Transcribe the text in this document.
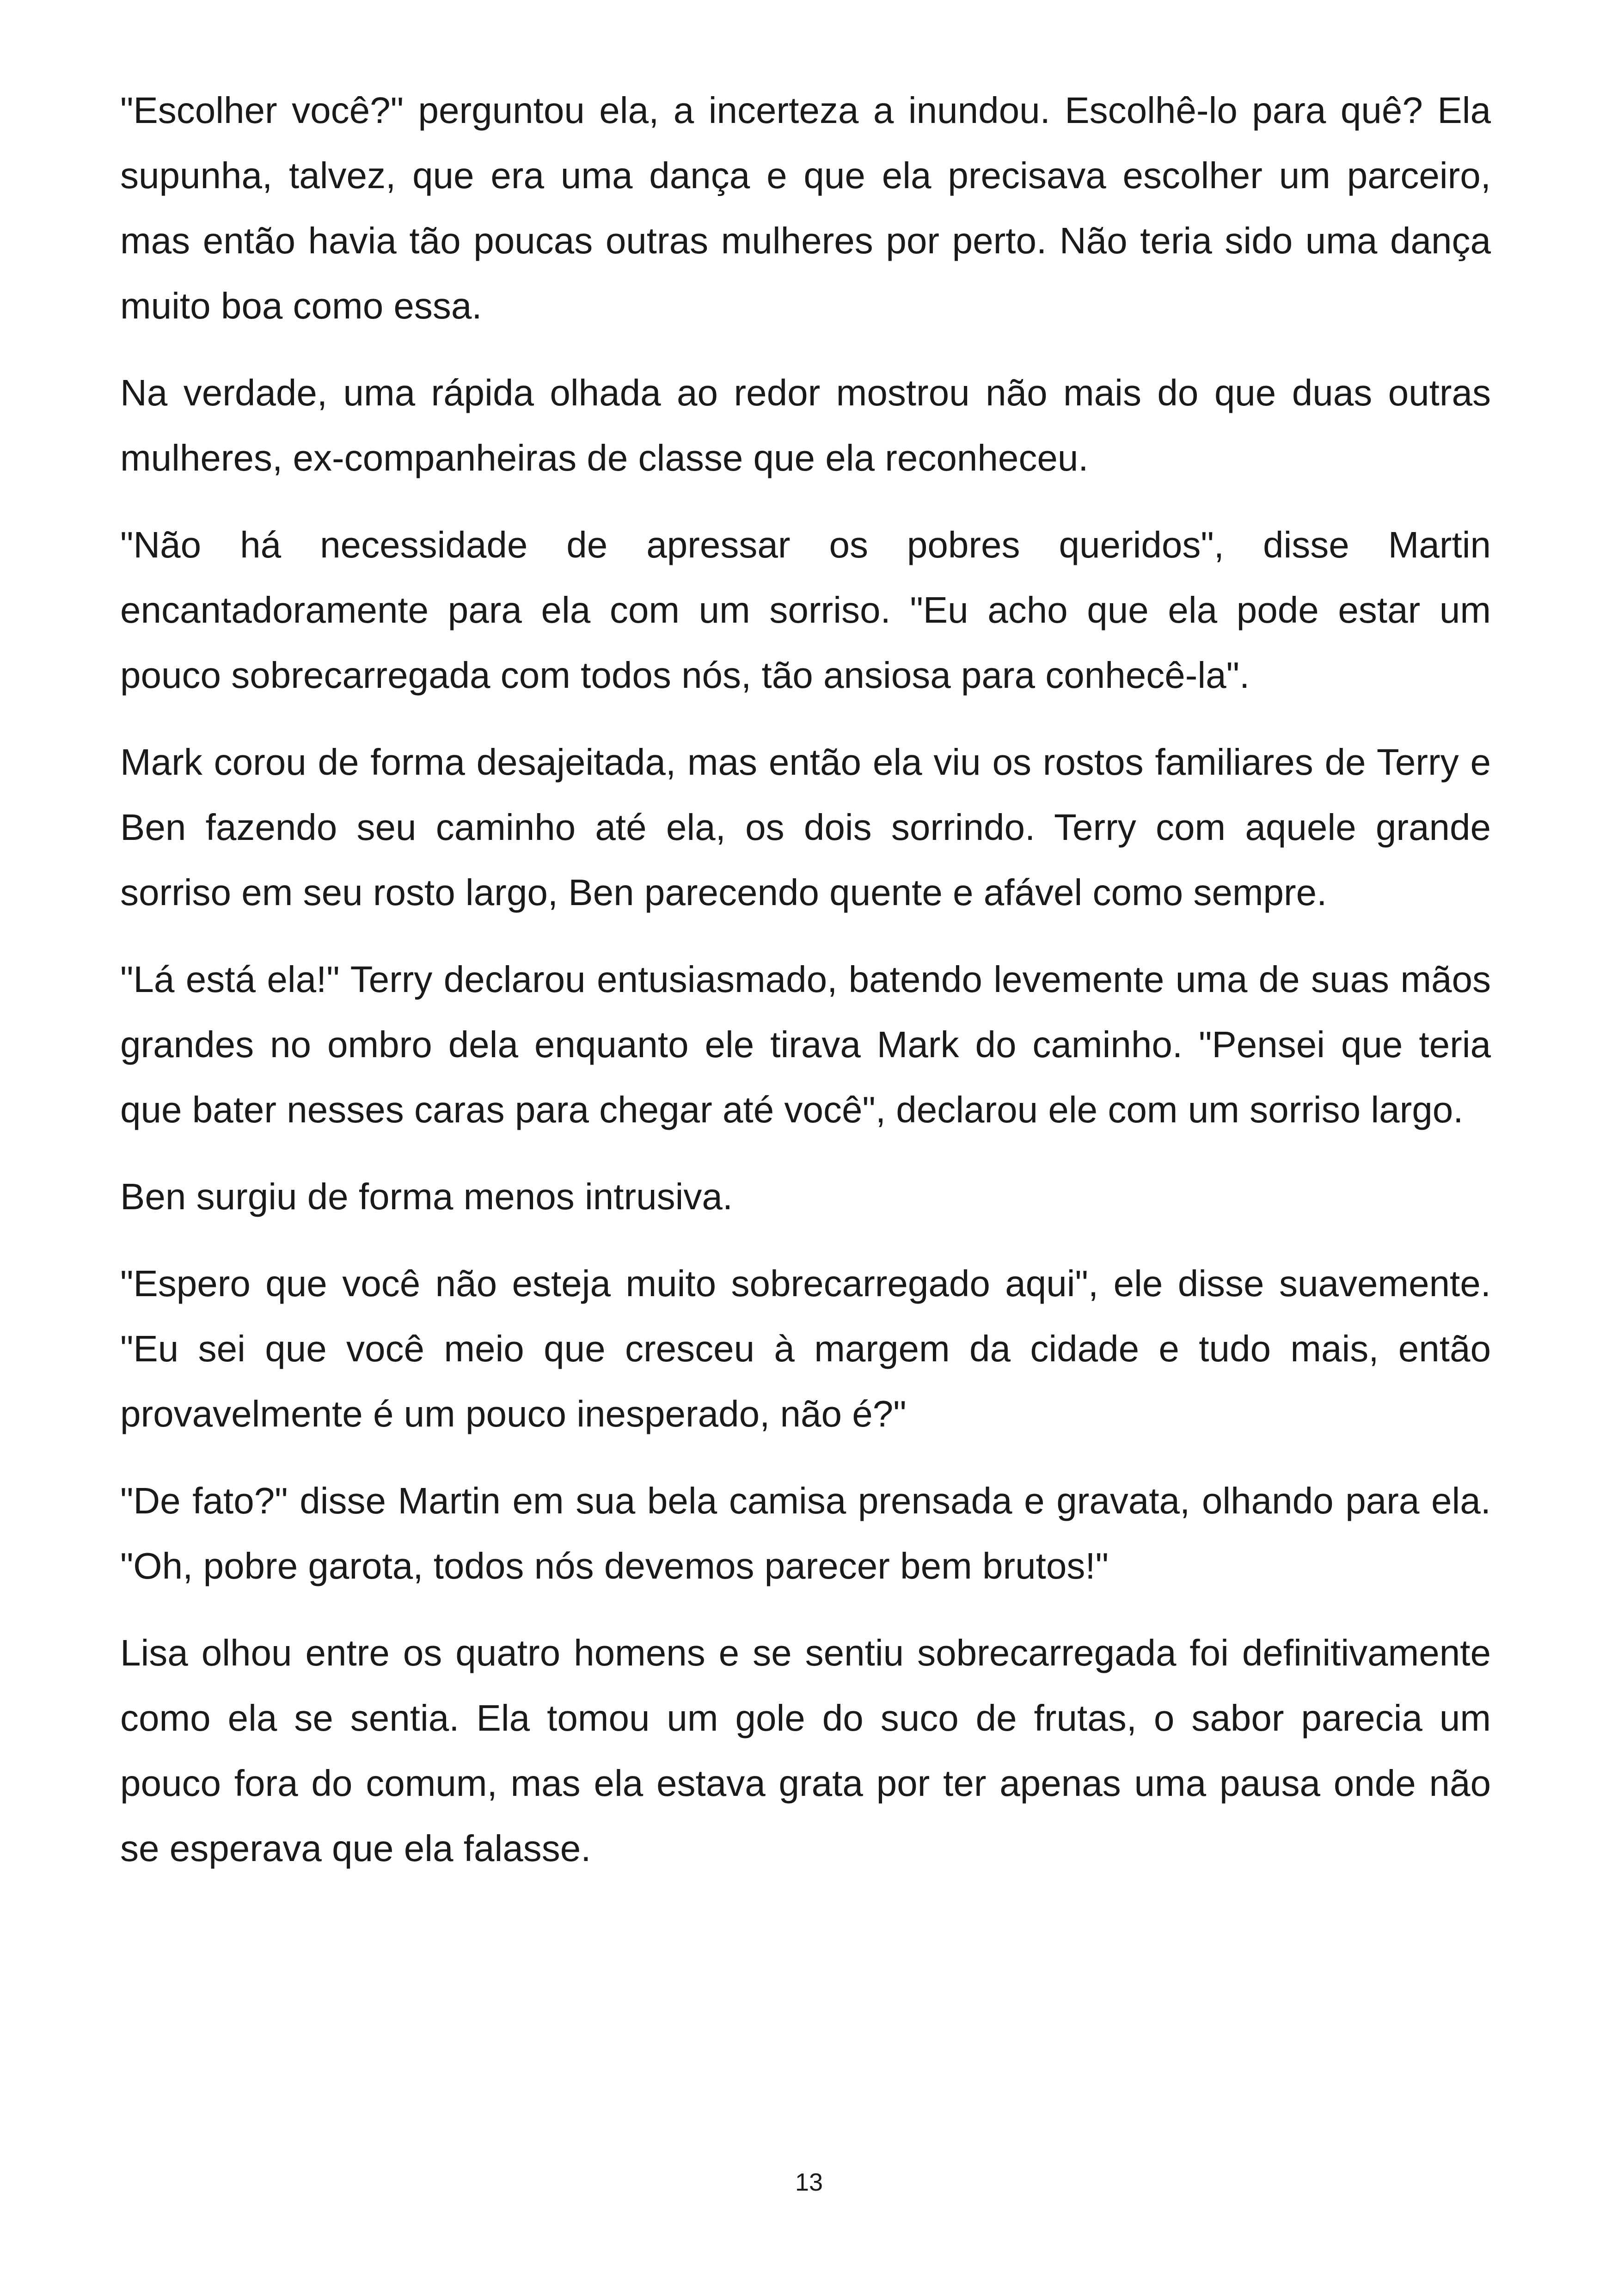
"Escolher você?" perguntou ela, a incerteza a inundou. Escolhê-lo para quê? Ela supunha, talvez, que era uma dança e que ela precisava escolher um parceiro, mas então havia tão poucas outras mulheres por perto. Não teria sido uma dança muito boa como essa.

Na verdade, uma rápida olhada ao redor mostrou não mais do que duas outras mulheres, ex-companheiras de classe que ela reconheceu.

"Não há necessidade de apressar os pobres queridos", disse Martin encantadoramente para ela com um sorriso. "Eu acho que ela pode estar um pouco sobrecarregada com todos nós, tão ansiosa para conhecê-la".

Mark corou de forma desajeitada, mas então ela viu os rostos familiares de Terry e Ben fazendo seu caminho até ela, os dois sorrindo. Terry com aquele grande sorriso em seu rosto largo, Ben parecendo quente e afável como sempre.

"Lá está ela!" Terry declarou entusiasmado, batendo levemente uma de suas mãos grandes no ombro dela enquanto ele tirava Mark do caminho. "Pensei que teria que bater nesses caras para chegar até você", declarou ele com um sorriso largo.

Ben surgiu de forma menos intrusiva.

"Espero que você não esteja muito sobrecarregado aqui", ele disse suavemente. "Eu sei que você meio que cresceu à margem da cidade e tudo mais, então provavelmente é um pouco inesperado, não é?"

"De fato?" disse Martin em sua bela camisa prensada e gravata, olhando para ela. "Oh, pobre garota, todos nós devemos parecer bem brutos!"

Lisa olhou entre os quatro homens e se sentiu sobrecarregada foi definitivamente como ela se sentia. Ela tomou um gole do suco de frutas, o sabor parecia um pouco fora do comum, mas ela estava grata por ter apenas uma pausa onde não se esperava que ela falasse.

13
